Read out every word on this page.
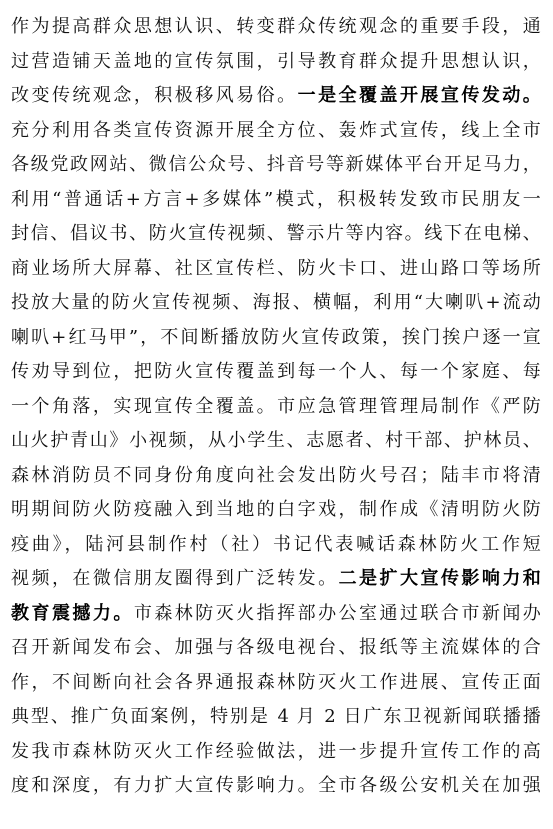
作为提高群众思想认识、转变群众传统观念的重要手段，通
过营造铺天盖地的宣传氛围，引导教育群众提升思想认识，
改变传统观念，积极移风易俗。一是全覆盖开展宣传发动。
充分利用各类宣传资源开展全方位、轰炸式宣传，线上全市
各级党政网站、微信公众号、抖音号等新媒体平台开足马力，
利用“普通话+方言+多媒体”模式，积极转发致市民朋友一
封信、倡议书、防火宣传视频、警示片等内容。线下在电梯、
商业场所大屏幕、社区宣传栏、防火卡口、进山路口等场所
投放大量的防火宣传视频、海报、横幅，利用“大喇叭+流动
喇叭+红马甲”，不间断播放防火宣传政策，挨门挨户逐一宣
传劝导到位，把防火宣传覆盖到每一个人、每一个家庭、每
一个角落，实现宣传全覆盖。市应急管理管理局制作《严防
山火护青山》小视频，从小学生、志愿者、村干部、护林员、
森林消防员不同身份角度向社会发出防火号召；陆丰市将清
明期间防火防疫融入到当地的白字戏，制作成《清明防火防
疫曲》，陆河县制作村（社）书记代表喊话森林防火工作短
视频，在微信朋友圈得到广泛转发。二是扩大宣传影响力和
教育震撼力。市森林防灭火指挥部办公室通过联合市新闻办
召开新闻发布会、加强与各级电视台、报纸等主流媒体的合
作，不间断向社会各界通报森林防灭火工作进展、宣传正面
典型、推广负面案例，特别是 4 月 2 日广东卫视新闻联播播
发我市森林防灭火工作经验做法，进一步提升宣传工作的高
度和深度，有力扩大宣传影响力。全市各级公安机关在加强
